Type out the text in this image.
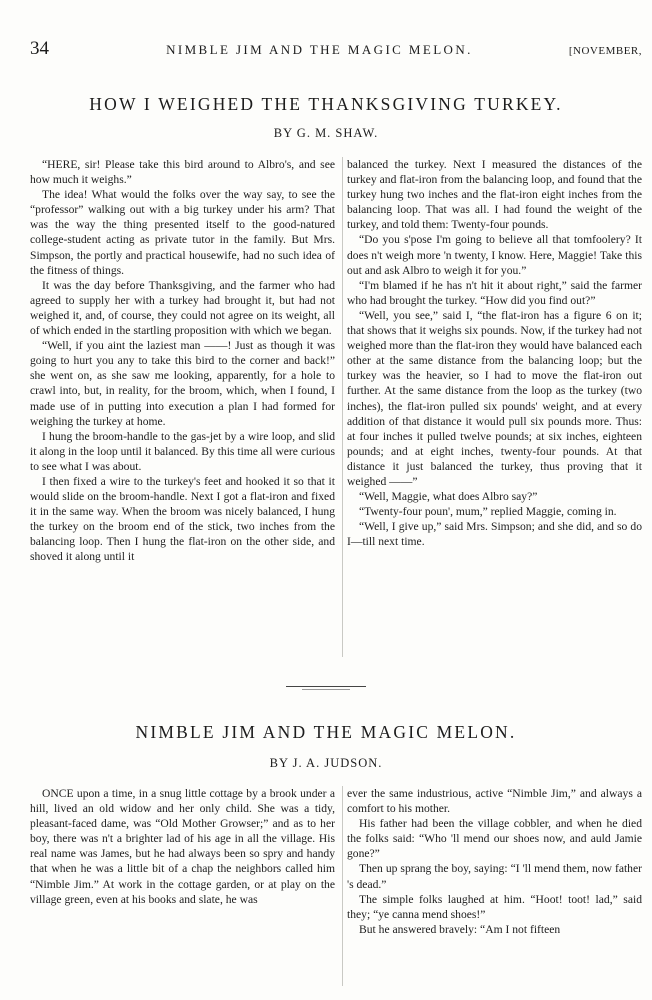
34	NIMBLE JIM AND THE MAGIC MELON.	[NOVEMBER,
HOW I WEIGHED THE THANKSGIVING TURKEY.
BY G. M. SHAW.

“HERE, sir! Please take this bird around to Albro's, and see how much it weighs.”

The idea! What would the folks over the way say, to see the “professor” walking out with a big turkey under his arm? That was the way the thing presented itself to the good-natured college-student acting as private tutor in the family. But Mrs. Simpson, the portly and practical housewife, had no such idea of the fitness of things.

It was the day before Thanksgiving, and the farmer who had agreed to supply her with a turkey had brought it, but had not weighed it, and, of course, they could not agree on its weight, all of which ended in the startling proposition with which we began.

“Well, if you aint the laziest man ——! Just as though it was going to hurt you any to take this bird to the corner and back!” she went on, as she saw me looking, apparently, for a hole to crawl into, but, in reality, for the broom, which, when I found, I made use of in putting into execution a plan I had formed for weighing the turkey at home.

I hung the broom-handle to the gas-jet by a wire loop, and slid it along in the loop until it balanced. By this time all were curious to see what I was about.

I then fixed a wire to the turkey's feet and hooked it so that it would slide on the broom-handle. Next I got a flat-iron and fixed it in the same way. When the broom was nicely balanced, I hung the turkey on the broom end of the stick, two inches from the balancing loop. Then I hung the flat-iron on the other side, and shoved it along until it

balanced the turkey. Next I measured the distances of the turkey and flat-iron from the balancing loop, and found that the turkey hung two inches and the flat-iron eight inches from the balancing loop. That was all. I had found the weight of the turkey, and told them: Twenty-four pounds.

“Do you s'pose I'm going to believe all that tomfoolery? It does n't weigh more 'n twenty, I know. Here, Maggie! Take this out and ask Albro to weigh it for you.”

“I'm blamed if he has n't hit it about right,” said the farmer who had brought the turkey. “How did you find out?”

“Well, you see,” said I, “the flat-iron has a figure 6 on it; that shows that it weighs six pounds. Now, if the turkey had not weighed more than the flat-iron they would have balanced each other at the same distance from the balancing loop; but the turkey was the heavier, so I had to move the flat-iron out further. At the same distance from the loop as the turkey (two inches), the flat-iron pulled six pounds' weight, and at every addition of that distance it would pull six pounds more. Thus: at four inches it pulled twelve pounds; at six inches, eighteen pounds; and at eight inches, twenty-four pounds. At that distance it just balanced the turkey, thus proving that it weighed ——”

“Well, Maggie, what does Albro say?”

“Twenty-four poun', mum,” replied Maggie, coming in.

“Well, I give up,” said Mrs. Simpson; and she did, and so do I—till next time.

NIMBLE JIM AND THE MAGIC MELON.
BY J. A. JUDSON.

ONCE upon a time, in a snug little cottage by a brook under a hill, lived an old widow and her only child. She was a tidy, pleasant-faced dame, was “Old Mother Growser;” and as to her boy, there was n't a brighter lad of his age in all the village. His real name was James, but he had always been so spry and handy that when he was a little bit of a chap the neighbors called him “Nimble Jim.” At work in the cottage garden, or at play on the village green, even at his books and slate, he was

ever the same industrious, active “Nimble Jim,” and always a comfort to his mother.

His father had been the village cobbler, and when he died the folks said: “Who 'll mend our shoes now, and auld Jamie gone?”

Then up sprang the boy, saying: “I 'll mend them, now father 's dead.”

The simple folks laughed at him. “Hoot! toot! lad,” said they; “ye canna mend shoes!”

But he answered bravely: “Am I not fifteen
